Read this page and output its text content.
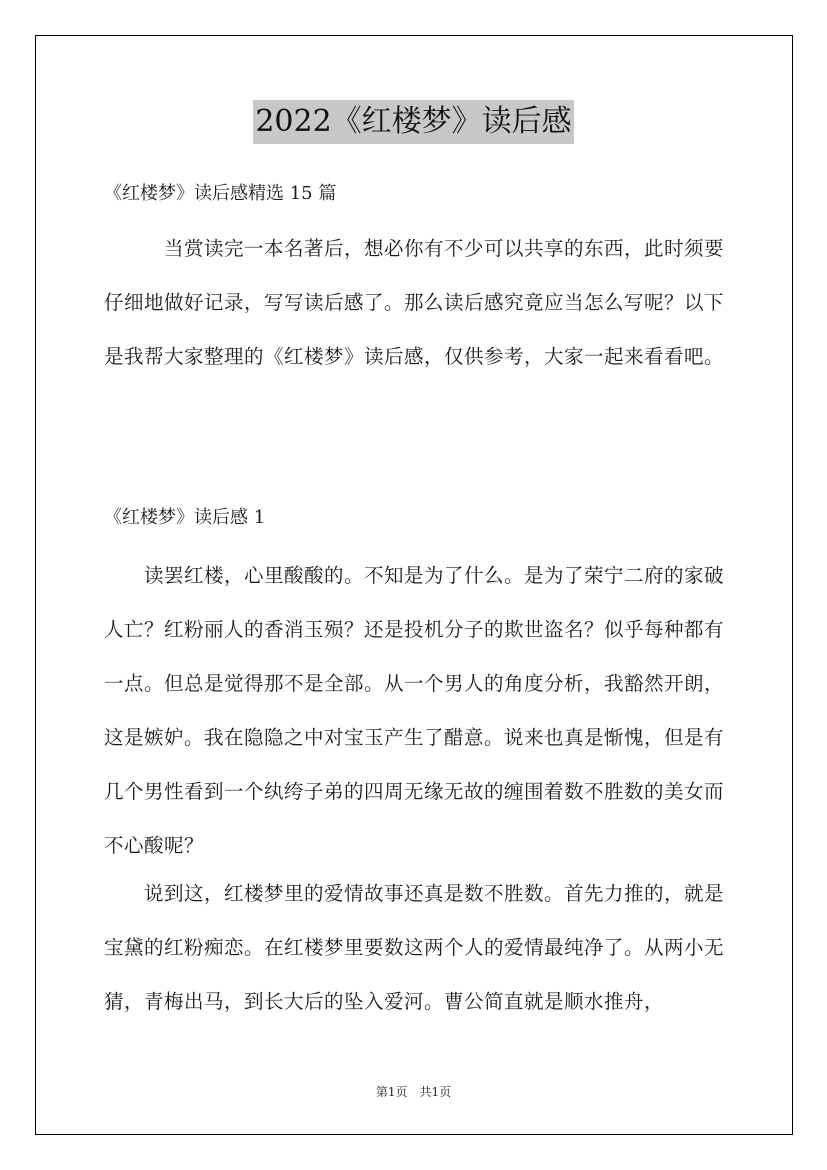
2022《红楼梦》读后感
《红楼梦》读后感精选 15 篇

　　　当赏读完一本名著后，想必你有不少可以共享的东西，此时须要仔细地做好记录，写写读后感了。那么读后感究竟应当怎么写呢？以下是我帮大家整理的《红楼梦》读后感，仅供参考，大家一起来看看吧。

《红楼梦》读后感 1

　　读罢红楼，心里酸酸的。不知是为了什么。是为了荣宁二府的家破人亡？红粉丽人的香消玉殒？还是投机分子的欺世盗名？似乎每种都有一点。但总是觉得那不是全部。从一个男人的角度分析，我豁然开朗，这是嫉妒。我在隐隐之中对宝玉产生了醋意。说来也真是惭愧，但是有几个男性看到一个纨绔子弟的四周无缘无故的缠围着数不胜数的美女而不心酸呢？

　　说到这，红楼梦里的爱情故事还真是数不胜数。首先力推的，就是宝黛的红粉痴恋。在红楼梦里要数这两个人的爱情最纯净了。从两小无猜，青梅出马，到长大后的坠入爱河。曹公简直就是顺水推舟，

第1页　共1页
